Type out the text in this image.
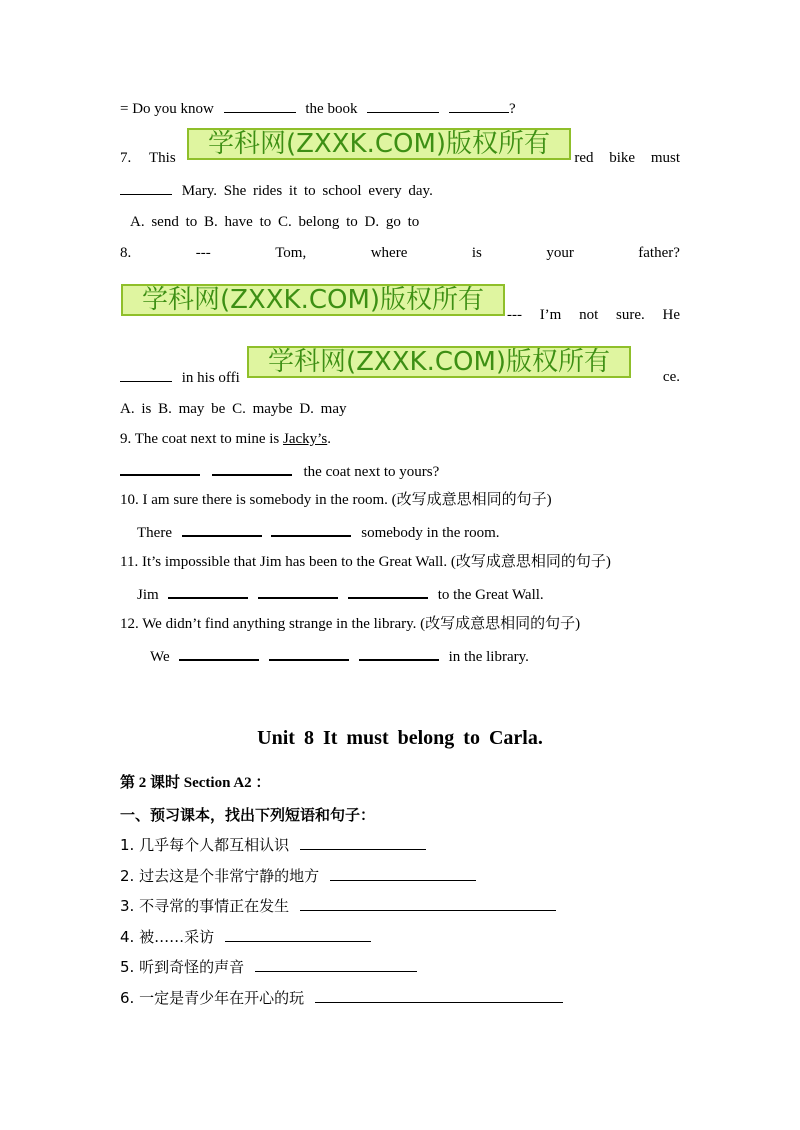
= Do you know	the book	?
7. This	red bike must
学科网(ZXXK.COM)版权所有
Mary. She rides it to school every day.
A. send to B. have to C. belong to D. go to
8.	---	Tom,	where	is	your	father?
学科网(ZXXK.COM)版权所有	--- I’m not sure. He
in his offi	ce.
学科网(ZXXK.COM)版权所有
A. is B. may be C. maybe D. may
9. The coat next to mine is Jacky’s.
the coat next to yours?
10. I am sure there is somebody in the room. (改写成意思相同的句子)
There	somebody in the room.
11. It’s impossible that Jim has been to the Great Wall. (改写成意思相同的句子)
Jim	to the Great Wall.
12. We didn’t find anything strange in the library. (改写成意思相同的句子)
We	in the library.
Unit 8 It must belong to Carla.
第 2 课时 Section A2 ：
一、预习课本，找出下列短语和句子：
1. 几乎每个人都互相认识
2. 过去这是个非常宁静的地方
3. 不寻常的事情正在发生
4. 被……采访
5. 听到奇怪的声音
6. 一定是青少年在开心的玩
